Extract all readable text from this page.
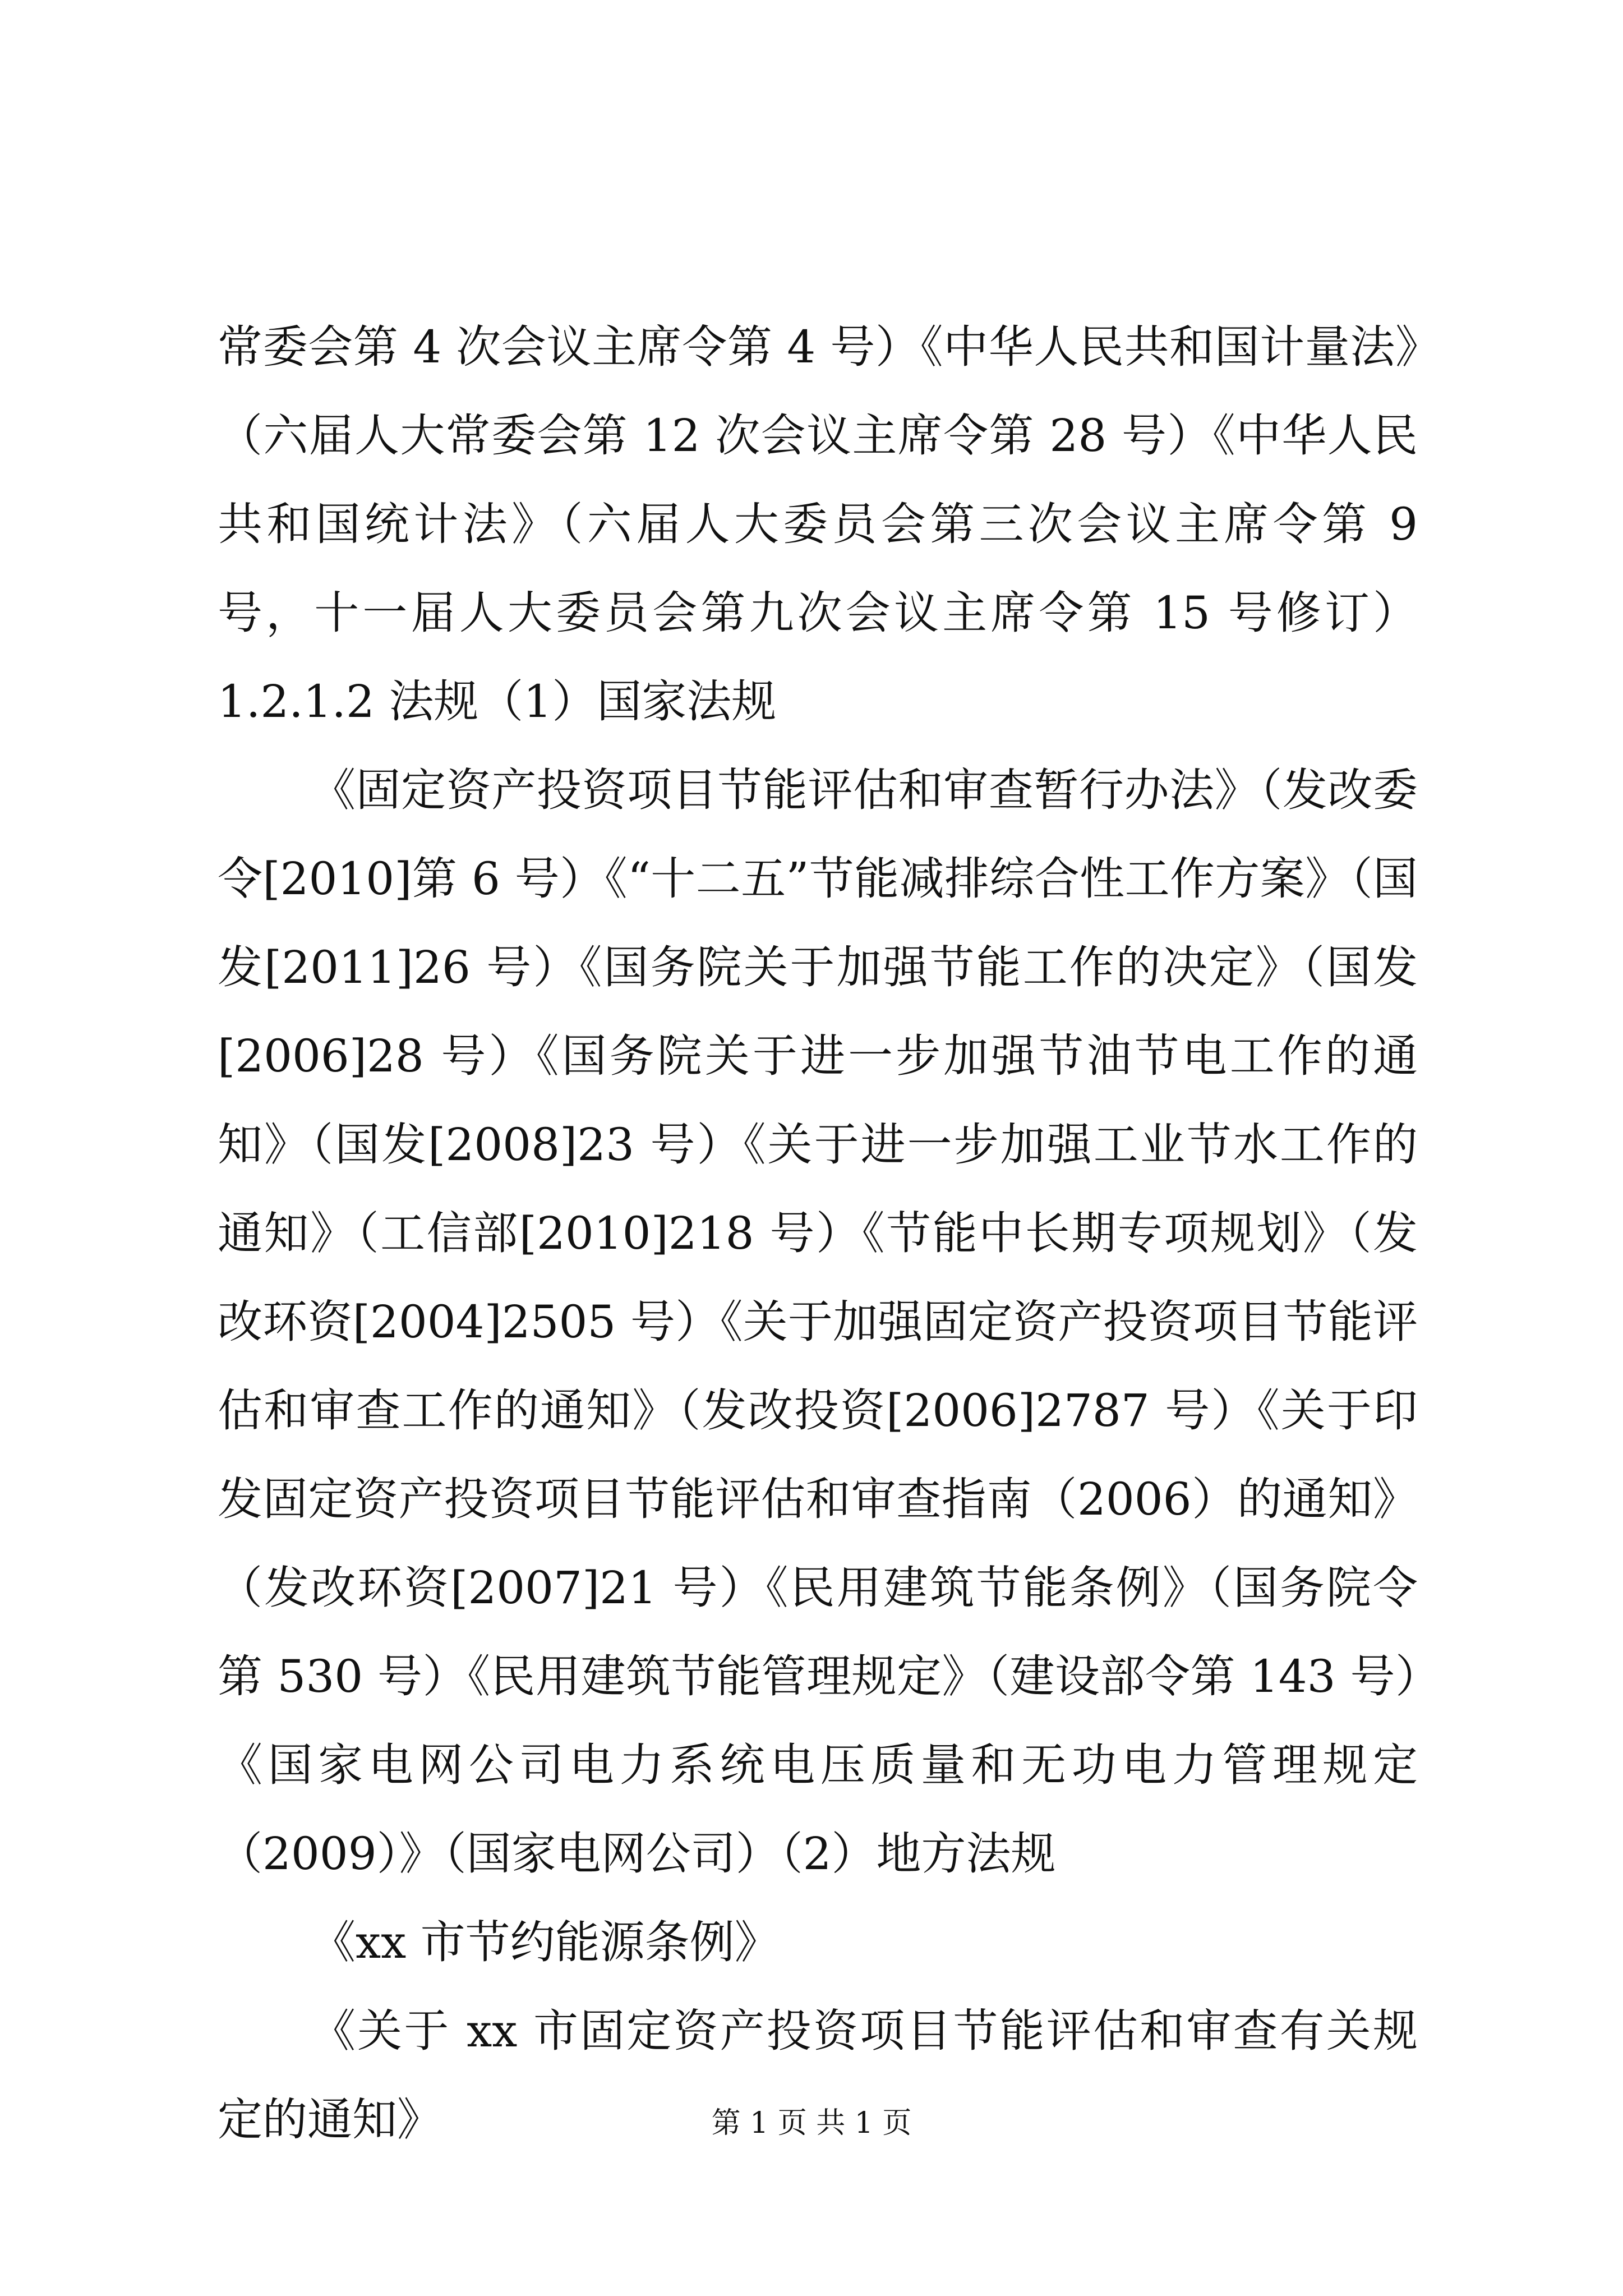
常委会第 4 次会议主席令第 4 号）《中华人民共和国计量法》（六届人大常委会第 12 次会议主席令第 28 号）《中华人民共和国统计法》（六届人大委员会第三次会议主席令第 9 号，十一届人大委员会第九次会议主席令第 15 号修订）1.2.1.2 法规（1）国家法规

《固定资产投资项目节能评估和审查暂行办法》（发改委令[2010]第 6 号）《“十二五”节能减排综合性工作方案》（国发[2011]26 号）《国务院关于加强节能工作的决定》（国发[2006]28 号）《国务院关于进一步加强节油节电工作的通知》（国发[2008]23 号）《关于进一步加强工业节水工作的通知》（工信部[2010]218 号）《节能中长期专项规划》（发改环资[2004]2505 号）《关于加强固定资产投资项目节能评估和审查工作的通知》（发改投资[2006]2787 号）《关于印发固定资产投资项目节能评估和审查指南（2006）的通知》（发改环资[2007]21 号）《民用建筑节能条例》（国务院令第 530 号）《民用建筑节能管理规定》（建设部令第 143 号）《国家电网公司电力系统电压质量和无功电力管理规定（2009）》（国家电网公司）（2）地方法规

《xx 市节约能源条例》

《关于 xx 市固定资产投资项目节能评估和审查有关规定的通知》	第 1 页 共 1 页
